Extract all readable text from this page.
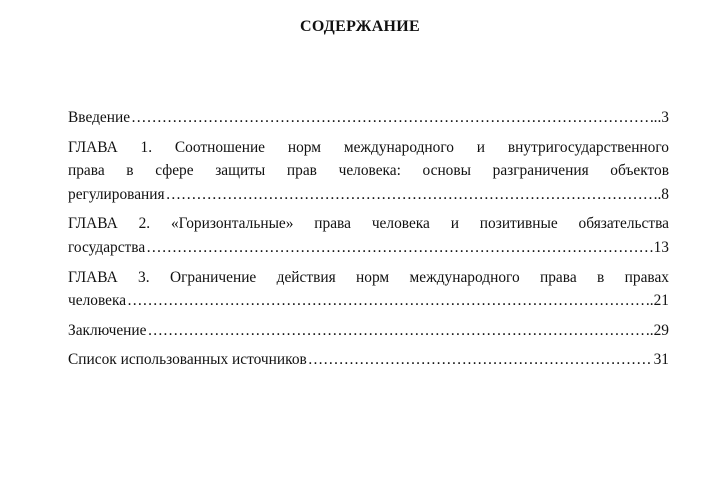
СОДЕРЖАНИЕ
Введение …………………………………………………………………………………………………………………………………………………………………………	..3
ГЛАВА 1. Соотношение норм международного и внутригосударственного
права в сфере защиты прав человека: основы разграничения объектов
регулирования …………………………………………………………………………………………………………………………………………………………………………	..8
ГЛАВА 2. «Горизонтальные» права человека и позитивные обязательства
государства …………………………………………………………………………………………………………………………………………………………………………	13
ГЛАВА 3. Ограничение действия норм международного права в правах
человека …………………………………………………………………………………………………………………………………………………………………………	..21
Заключение …………………………………………………………………………………………………………………………………………………………………………	..29
Список использованных источников …………………………………………………………………………………………………………………………………………………………………………	31
